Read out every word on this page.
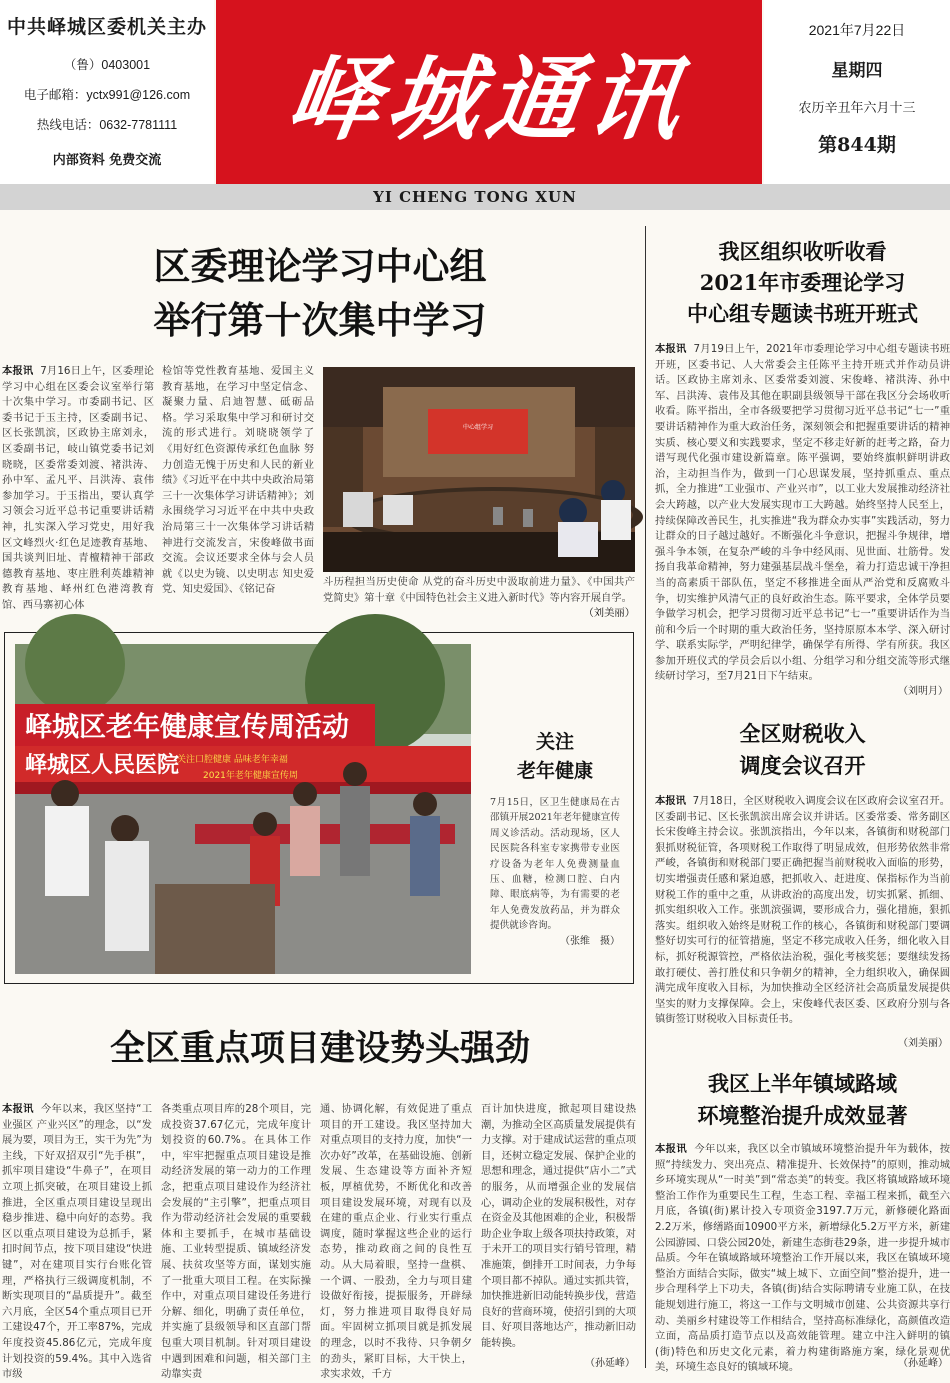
中共峄城区委机关主办
（鲁）0403001
电子邮箱：yctx991@126.com
热线电话：0632-7781111
内部资料 免费交流
峄城通讯
2021年7月22日
星期四
农历辛丑年六月十三
第844期
YI CHENG TONG XUN
区委理论学习中心组
举行第十次集中学习
本报讯 7月16日上午，区委理论学习中心组在区委会议室举行第十次集中学习。市委副书记、区委书记于玉主持，区委副书记、区长张凯滨，区政协主席刘永，区委副书记，岐山镇党委书记刘晓晓，区委常委刘渡、褚洪涛、孙中军、孟凡平、吕洪涛、袁伟参加学习。于玉指出，要认真学习领会习近平总书记重要讲话精神，扎实深入学习党史，用好我区文峰烈火·红色足迹教育基地、国共谈判旧址、青檀精神干部政德教育基地、枣庄胜利英雄精神教育基地、峄州红色港湾教育馆、西马寨初心体
检馆等党性教育基地、爱国主义教育基地，在学习中坚定信念、凝聚力量、启迪智慧、砥砺品格。学习采取集中学习和研讨交流的形式进行。刘晓晓领学了《用好红色资源传承红色血脉 努力创造无愧于历史和人民的新业绩》《习近平在中共中央政治局第三十一次集体学习讲话精神》；刘永围绕学习习近平在中共中央政治局第三十一次集体学习讲话精神进行交流发言，宋俊峰做书面交流。会议还要求全体与会人员就《以史为镜、以史明志 知史爱党、知史爱国》、《铭记奋
中心组学习
斗历程担当历史使命 从党的奋斗历史中汲取前进力量》、《中国共产党简史》第十章《中国特色社会主义进入新时代》等内容开展自学。
（刘美丽）
峄城区老年健康宣传周活动
峄城区人民医院
关注口腔健康 品味老年幸福
2021年老年健康宣传周
关注
老年健康
7月15日，区卫生健康局在古邵镇开展2021年老年健康宣传周义诊活动。活动现场，区人民医院各科室专家携带专业医疗设备为老年人免费测量血压、血糖，检测口腔、白内障、眼底病等，为有需要的老年人免费发放药品，并为群众提供就诊咨询。
（张维　摄）
全区重点项目建设势头强劲
本报讯 今年以来，我区坚持“工业强区 产业兴区”的理念，以“发展为要，项目为王，实干为先”为主线，下好双招双引“先手棋”，抓牢项目建设“牛鼻子”，在项目立项上抓突破，在项目建设上抓推进，全区重点项目建设呈现出稳步推进、稳中向好的态势。我区以重点项目建设为总抓手，紧扣时间节点，按下项目建设“快进键”，对在建项目实行台账化管理，严格执行三级调度机制，不断实现项目的“晶质提升”。截至六月底，全区54个重点项目已开工建设47个，开工率87%，完成年度投资45.86亿元，完成年度计划投资的59.4%。其中入选省市级
各类重点项目库的28个项目，完成投资37.67亿元，完成年度计划投资的60.7%。在具体工作中，牢牢把握重点项目建设是推动经济发展的第一动力的工作理念，把重点项目建设作为经济社会发展的“主引擎”，把重点项目作为带动经济社会发展的重要载体和主要抓手，在城市基础设施、工业转型提质、镇域经济发展、扶贫攻坚等方面，谋划实施了一批重大项目工程。在实际操作中，对重点项目建设任务进行分解、细化，明确了责任单位，并实施了县级领导和区直部门帮包重大项目机制。针对项目建设中遇到困难和问题，相关部门主动靠实责
通、协调化解，有效促进了重点项目的开工建设。我区坚持加大对重点项目的支持力度，加快“一次办好”改革，在基础设施、创新发展、生态建设等方面补齐短板，厚植优势，不断优化和改善项目建设发展环境，对现有以及在建的重点企业、行业实行重点调度，随时掌握这些企业的运行态势，推动政商之间的良性互动。从大局着眼，坚持一盘棋、一个调、一股劲，全力与项目建设做好衔接，提振服务，开辟绿灯，努力推进项目取得良好局面。牢固树立抓项目就是抓发展的理念，以时不我待、只争朝夕的劲头，紧盯目标，大干快上，求实求效，千方
百计加快进度，掀起项目建设热潮，为推动全区高质量发展提供有力支撑。对于建成试运营的重点项目，还树立稳定发展、保护企业的思想和理念，通过提供“店小二”式的服务，从而增强企业的发展信心，调动企业的发展积极性，对存在资金及其他困难的企业，积极帮助企业争取上级各项扶持政策，对于未开工的项目实行销号管理，精准施策，倒排开工时间表，力争每个项目都不掉队。通过实抓共管，加快推进新旧动能转换步伐，营造良好的营商环境，使招引到的大项目、好项目落地达产，推动新旧动能转换。
（孙延峰）
我区组织收听收看
2021年市委理论学习
中心组专题读书班开班式
本报讯 7月19日上午，2021年市委理论学习中心组专题读书班开班，区委书记、人大常委会主任陈平主持开班式并作动员讲话。区政协主席刘永、区委常委刘渡、宋俊峰、褚洪涛、孙中军、吕洪涛、袁伟及其他在职副县级领导干部在我区分会场收听收看。陈平指出，全市各级要把学习贯彻习近平总书记“七一”重要讲话精神作为重大政治任务，深刻领会和把握重要讲话的精神实质、核心要义和实践要求，坚定不移走好新的赶考之路，奋力谱写现代化强市建设新篇章。陈平强调，要始终旗帜鲜明讲政治，主动担当作为，做到一门心思谋发展，坚持抓重点、重点抓，全力推进“工业强市、产业兴市”，以工业大发展推动经济社会大跨越，以产业大发展实现市工大跨越。始终坚持人民至上，持续保障改善民生，扎实推进“我为群众办实事”实践活动，努力让群众的日子越过越好。不断强化斗争意识，把握斗争规律，增强斗争本领，在复杂严峻的斗争中经风雨、见世面、壮筋骨。发扬自我革命精神，努力建强基层战斗堡垒，着力打造忠诚干净担当的高素质干部队伍，坚定不移推进全面从严治党和反腐败斗争，切实维护风清气正的良好政治生态。陈平要求，全体学员要争做学习机会，把学习贯彻习近平总书记“七一”重要讲话作为当前和今后一个时期的重大政治任务，坚持原原本本学、深入研讨学、联系实际学，严明纪律学，确保学有所得、学有所获。我区参加开班仪式的学员会后以小组、分组学习和分组交流等形式继续研讨学习，至7月21日下午结束。
（刘明月）
全区财税收入
调度会议召开
本报讯 7月18日，全区财税收入调度会议在区政府会议室召开。区委副书记、区长张凯滨出席会议并讲话。区委常委、常务副区长宋俊峰主持会议。张凯滨指出，今年以来，各镇街和财税部门狠抓财税征管，各项财税工作取得了明显成效，但形势依然非常严峻，各镇街和财税部门要正确把握当前财税收入面临的形势，切实增强责任感和紧迫感，把抓收入、赶进度、保指标作为当前财税工作的重中之重，从讲政治的高度出发，切实抓紧、抓细、抓实组织收入工作。张凯滨强调，要形成合力，强化措施，狠抓落实。组织收入始终是财税工作的核心，各镇街和财税部门要调整好切实可行的征管措施，坚定不移完成收入任务，细化收入目标，抓好税源管控，严格依法治税，强化考核奖惩；要继续发扬敢打硬仗、善打胜仗和只争朝夕的精神，全力组织收入，确保圆满完成年度收入目标，为加快推动全区经济社会高质量发展提供坚实的财力支撑保障。会上，宋俊峰代表区委、区政府分别与各镇街签订财税收入目标责任书。
（刘美丽）
我区上半年镇域路域
环境整治提升成效显著
本报讯 今年以来，我区以全市镇域环境整治提升年为载体，按照“持续发力、突出亮点、精准提升、长效保持”的原则，推动城乡环境实现从“一时美”到“常态美”的转变。我区将镇域路域环境整治工作作为重要民生工程，生态工程、幸福工程来抓，截至六月底，各镇(街)累计投入专项资金3197.7万元，新修硬化路面2.2万米，修缮路面10900平方米，新增绿化5.2万平方米，新建公园游园、口袋公园20处，新建生态街巷29条，进一步提升城市品质。今年在镇域路域环境整治工作开展以来，我区在镇域环境整治方面结合实际，做实“城上城下、立面空间”整治提升，进一步合理科学上下功夫，各镇(街)结合实际聘请专业施工队，在技能规划进行施工，将这一工作与文明城市创建、公共资源共享行动、美丽乡村建设等工作相结合，坚持高标准绿化，高颜值改造立面，高品质打造节点以及高效能管理。建立中注入鲜明的镇(街)特色和历史文化元素，着力构建街路施方案，绿化景观优美，环境生态良好的镇域环境。	（孙延峰）
